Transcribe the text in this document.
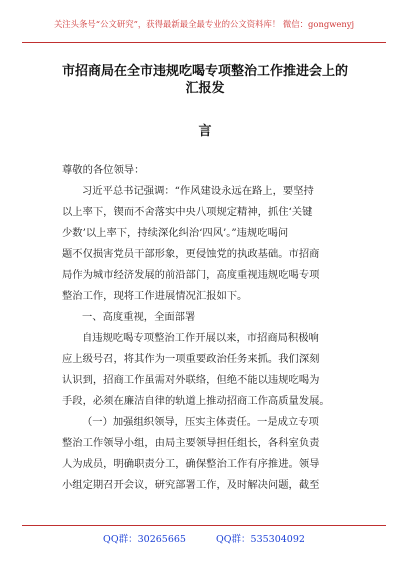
关注头条号“公文研究”，获得最新最全最专业的公文资料库！ 微信：gongwenyj
市招商局在全市违规吃喝专项整治工作推进会上的汇报发
言
尊敬的各位领导：
习近平总书记强调：“作风建设永远在路上，要坚持
以上率下，锲而不舍落实中央八项规定精神，抓住‘关键
少数’以上率下，持续深化纠治‘四风’。”违规吃喝问
题不仅损害党员干部形象，更侵蚀党的执政基础。市招商
局作为城市经济发展的前沿部门，高度重视违规吃喝专项
整治工作，现将工作进展情况汇报如下。
一、高度重视，全面部署
自违规吃喝专项整治工作开展以来，市招商局积极响
应上级号召，将其作为一项重要政治任务来抓。我们深刻
认识到，招商工作虽需对外联络，但绝不能以违规吃喝为
手段，必须在廉洁自律的轨道上推动招商工作高质量发展。
（一）加强组织领导，压实主体责任。一是成立专项
整治工作领导小组，由局主要领导担任组长，各科室负责
人为成员，明确职责分工，确保整治工作有序推进。领导
小组定期召开会议，研究部署工作，及时解决问题，截至
QQ群：30265665	QQ群：535304092
